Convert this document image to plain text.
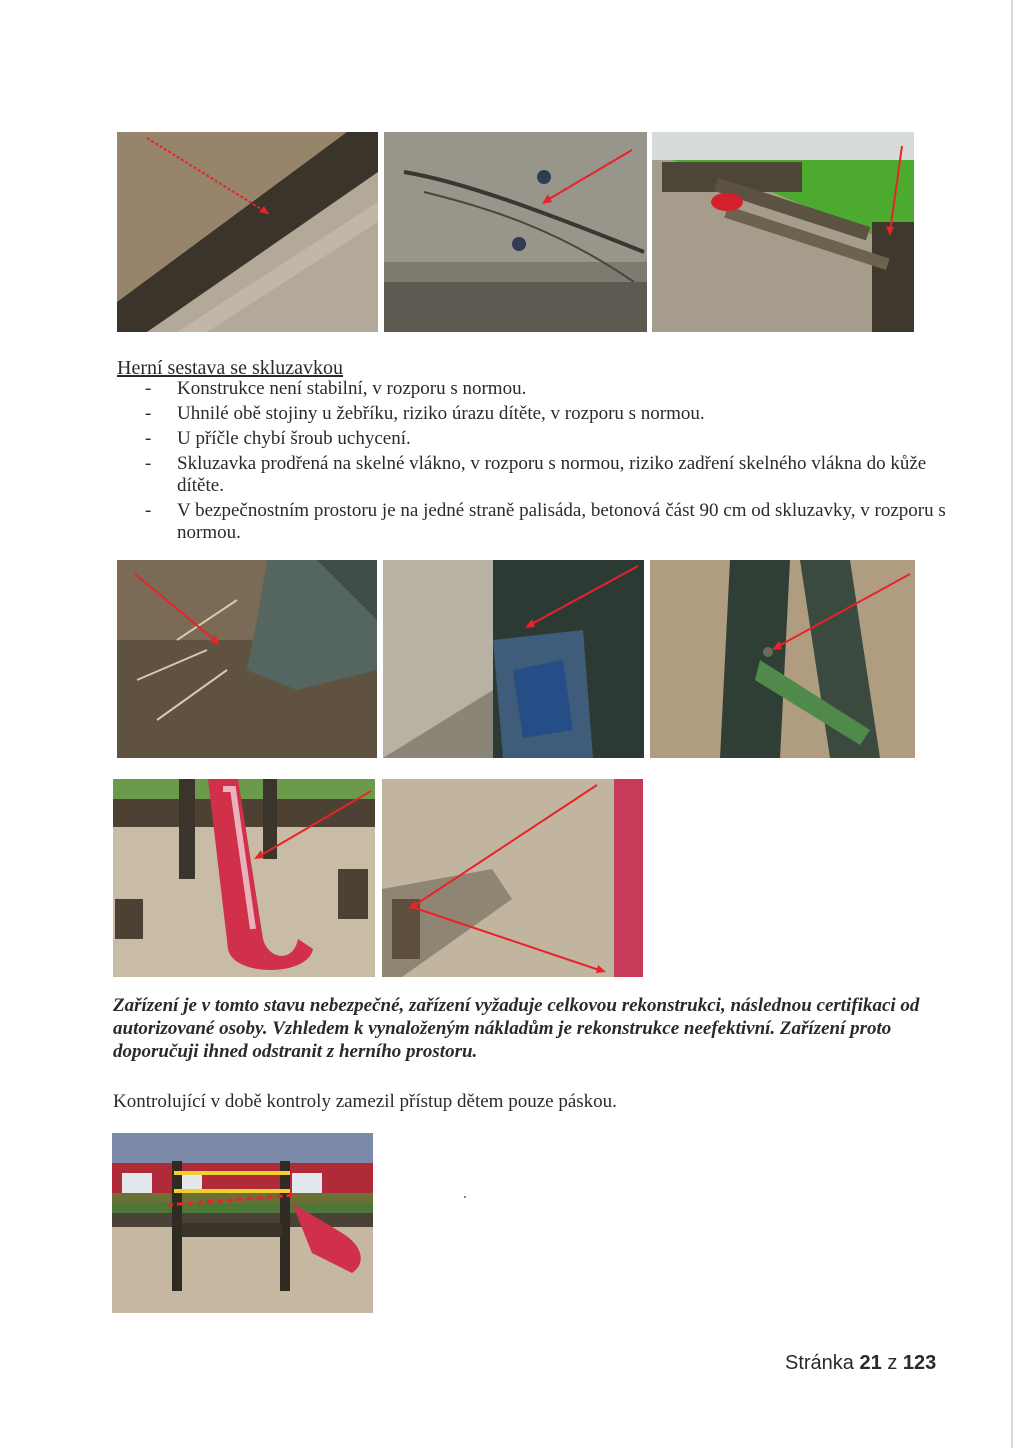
Herní sestava se skluzavkou
- Konstrukce není stabilní, v rozporu s normou.
- Uhnilé obě stojiny u žebříku, riziko úrazu dítěte, v rozporu s normou.
- U příčle chybí šroub uchycení.
- Skluzavka prodřená na skelné vlákno, v rozporu s normou, riziko zadření skelného vlákna do kůže dítěte.
- V bezpečnostním prostoru je na jedné straně palisáda, betonová část 90 cm od skluzavky, v rozporu s normou.
Zařízení je v tomto stavu nebezpečné, zařízení vyžaduje celkovou rekonstrukci, následnou certifikaci od autorizované osoby. Vzhledem k vynaloženým nákladům je rekonstrukce neefektivní. Zařízení proto doporučuji ihned odstranit z herního prostoru.
Kontrolující v době kontroly zamezil přístup dětem pouze páskou.
Stránka 21 z 123
